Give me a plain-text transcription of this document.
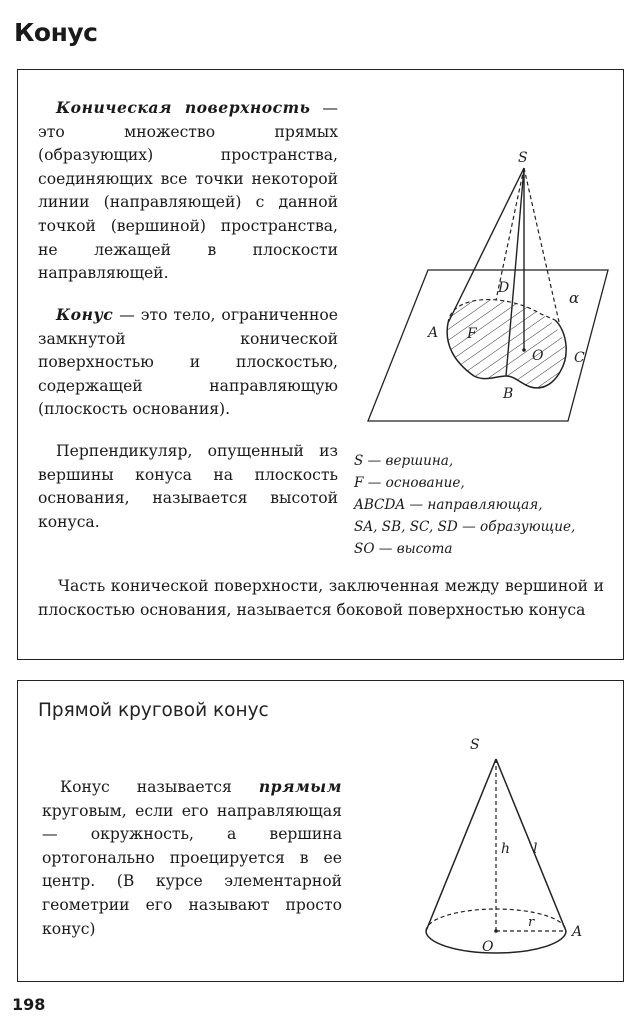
Конус
Коническая поверхность — это множество прямых (образующих) пространства, соединяющих все точки некоторой линии (направляющей) с данной точкой (вершиной) пространства, не лежащей в плоскости направляющей.
Конус — это тело, ограниченное замкнутой конической поверхностью и плоскостью, содержащей направляющую (плоскость основания).
Перпендикуляр, опущенный из вершины конуса на плоскость основания, называется высотой конуса.
S
D
α
A F
O C
B
S — вершина,
F — основание,
ABCDA — направляющая,
SA, SB, SC, SD — образующие,
SO — высота
Часть конической поверхности, заключенная между вершиной и плоскостью основания, называется боковой поверхностью конуса
Прямой круговой конус
Конус называется прямым круговым, если его направляющая — окружность, а вершина ортогонально проецируется в ее центр. (В курсе элементарной геометрии его называют просто конус)
S
h l
r
O
A
198
